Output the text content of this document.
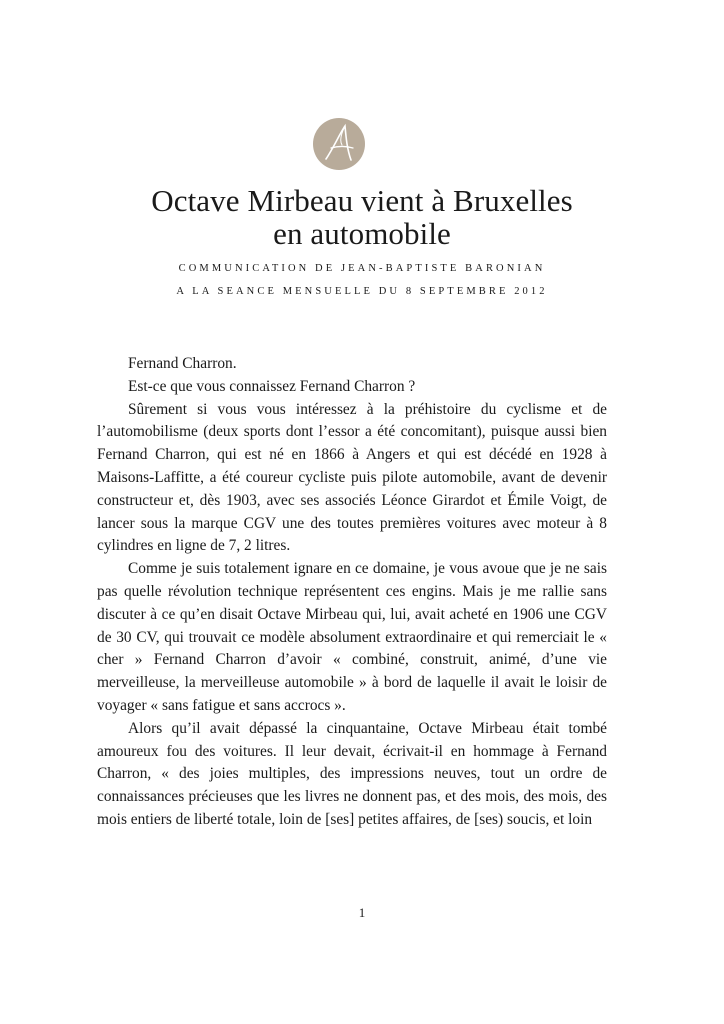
Octave Mirbeau vient à Bruxelles
en automobile

COMMUNICATION DE JEAN-BAPTISTE BARONIAN

A LA SEANCE MENSUELLE DU 8 SEPTEMBRE 2012

Fernand Charron.

Est-ce que vous connaissez Fernand Charron ?

Sûrement si vous vous intéressez à la préhistoire du cyclisme et de l’automobilisme (deux sports dont l’essor a été concomitant), puisque aussi bien Fernand Charron, qui est né en 1866 à Angers et qui est décédé en 1928 à Maisons-Laffitte, a été coureur cycliste puis pilote automobile, avant de devenir constructeur et, dès 1903, avec ses associés Léonce Girardot et Émile Voigt, de lancer sous la marque CGV une des toutes premières voitures avec moteur à 8 cylindres en ligne de 7, 2 litres.

Comme je suis totalement ignare en ce domaine, je vous avoue que je ne sais pas quelle révolution technique représentent ces engins. Mais je me rallie sans discuter à ce qu’en disait Octave Mirbeau qui, lui, avait acheté en 1906 une CGV de 30 CV, qui trouvait ce modèle absolument extraordinaire et qui remerciait le « cher » Fernand Charron d’avoir « combiné, construit, animé, d’une vie merveilleuse, la merveilleuse automobile » à bord de laquelle il avait le loisir de voyager « sans fatigue et sans accrocs ».

Alors qu’il avait dépassé la cinquantaine, Octave Mirbeau était tombé amoureux fou des voitures. Il leur devait, écrivait-il en hommage à Fernand Charron, « des joies multiples, des impressions neuves, tout un ordre de connaissances précieuses que les livres ne donnent pas, et des mois, des mois, des mois entiers de liberté totale, loin de [ses] petites affaires, de [ses) soucis, et loin

1
